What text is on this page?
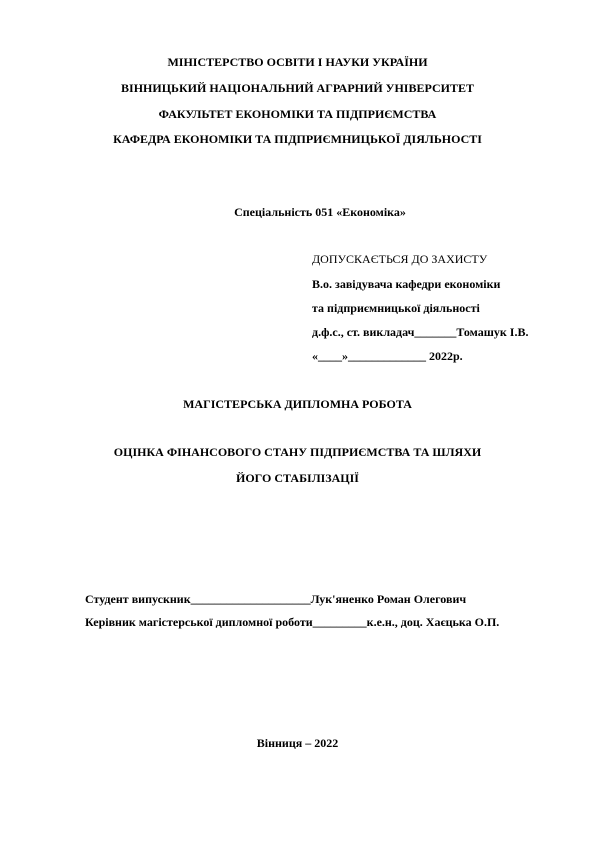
МІНІСТЕРСТВО ОСВІТИ І НАУКИ УКРАЇНИ
ВІННИЦЬКИЙ НАЦІОНАЛЬНИЙ АГРАРНИЙ УНІВЕРСИТЕТ
ФАКУЛЬТЕТ ЕКОНОМІКИ ТА ПІДПРИЄМСТВА
КАФЕДРА ЕКОНОМІКИ ТА ПІДПРИЄМНИЦЬКОЇ ДІЯЛЬНОСТІ
Спеціальність 051 «Економіка»
ДОПУСКАЄТЬСЯ ДО ЗАХИСТУ
В.о. завідувача кафедри економіки
та підприємницької діяльності
д.ф.с., ст. викладач_______Томашук І.В.
«____»_____________ 2022р.
МАГІСТЕРСЬКА ДИПЛОМНА РОБОТА
ОЦІНКА ФІНАНСОВОГО СТАНУ ПІДПРИЄМСТВА ТА ШЛЯХИ
ЙОГО СТАБІЛІЗАЦІЇ
Студент випускник____________________Лук'яненко Роман Олегович
Керівник магістерської дипломної роботи_________к.е.н., доц. Хаєцька О.П.
Вінниця – 2022
